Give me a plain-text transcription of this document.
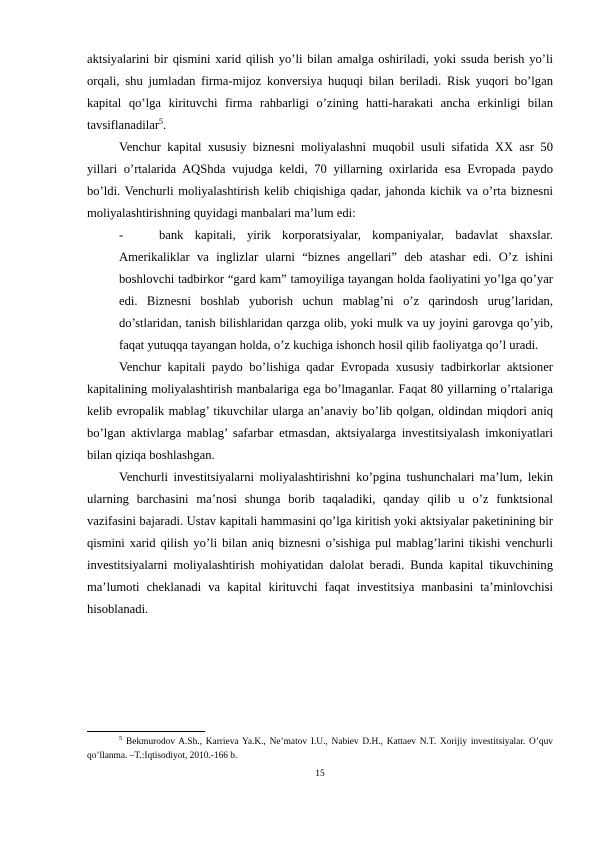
aktsiyalarini bir qismini xarid qilish yo’li bilan amalga oshiriladi, yoki ssuda berish yo’li orqali, shu jumladan firma-mijoz konversiya huquqi bilan beriladi. Risk yuqori bo’lgan kapital qo’lga kirituvchi firma rahbarligi o’zining hatti-harakati ancha erkinligi bilan tavsiflanadilar$^5$.

Venchur kapital xususiy biznesni moliyalashni muqobil usuli sifatida XX asr 50 yillari o’rtalarida AQShda vujudga keldi, 70 yillarning oxirlarida esa Evropada paydo bo’ldi. Venchurli moliyalashtirish kelib chiqishiga qadar, jahonda kichik va o’rta biznesni moliyalashtirishning quyidagi manbalari ma’lum edi:

-	bank kapitali, yirik korporatsiyalar, kompaniyalar, badavlat shaxslar. Amerikaliklar va inglizlar ularni “biznes angellari” deb atashar edi. O’z ishini boshlovchi tadbirkor “gard kam” tamoyiliga tayangan holda faoliyatini yo’lga qo’yar edi. Biznesni boshlab yuborish uchun mablag’ni o’z qarindosh urug’laridan, do’stlaridan, tanish bilishlaridan qarzga olib, yoki mulk va uy joyini garovga qo’yib, faqat yutuqqa tayangan holda, o’z kuchiga ishonch hosil qilib faoliyatga qo’l uradi.

Venchur kapitali paydo bo’lishiga qadar Evropada xususiy tadbirkorlar aktsioner kapitalining moliyalashtirish manbalariga ega bo’lmaganlar. Faqat 80 yillarning o’rtalariga kelib evropalik mablag’ tikuvchilar ularga an’anaviy bo’lib qolgan, oldindan miqdori aniq bo’lgan aktivlarga mablag’ safarbar etmasdan, aktsiyalarga investitsiyalash imkoniyatlari bilan qiziqa boshlashgan.

Venchurli investitsiyalarni moliyalashtirishni ko’pgina tushunchalari ma’lum, lekin ularning barchasini ma’nosi shunga borib taqaladiki, qanday qilib u o’z funktsional vazifasini bajaradi. Ustav kapitali hammasini qo’lga kiritish yoki aktsiyalar paketinining bir qismini xarid qilish yo’li bilan aniq biznesni o’sishiga pul mablag’larini tikishi venchurli investitsiyalarni moliyalashtirish mohiyatidan dalolat beradi. Bunda kapital tikuvchining ma’lumoti cheklanadi va kapital kirituvchi faqat investitsiya manbasini ta’minlovchisi hisoblanadi.

$^5$ Bekmurodov A.Sh., Karrieva Ya.K., Ne’matov I.U., Nabiev D.H., Kattaev N.T. Xorijiy investitsiyalar. O’quv qo’llanma. –T.:Iqtisodiyot, 2010.-166 b.
15
